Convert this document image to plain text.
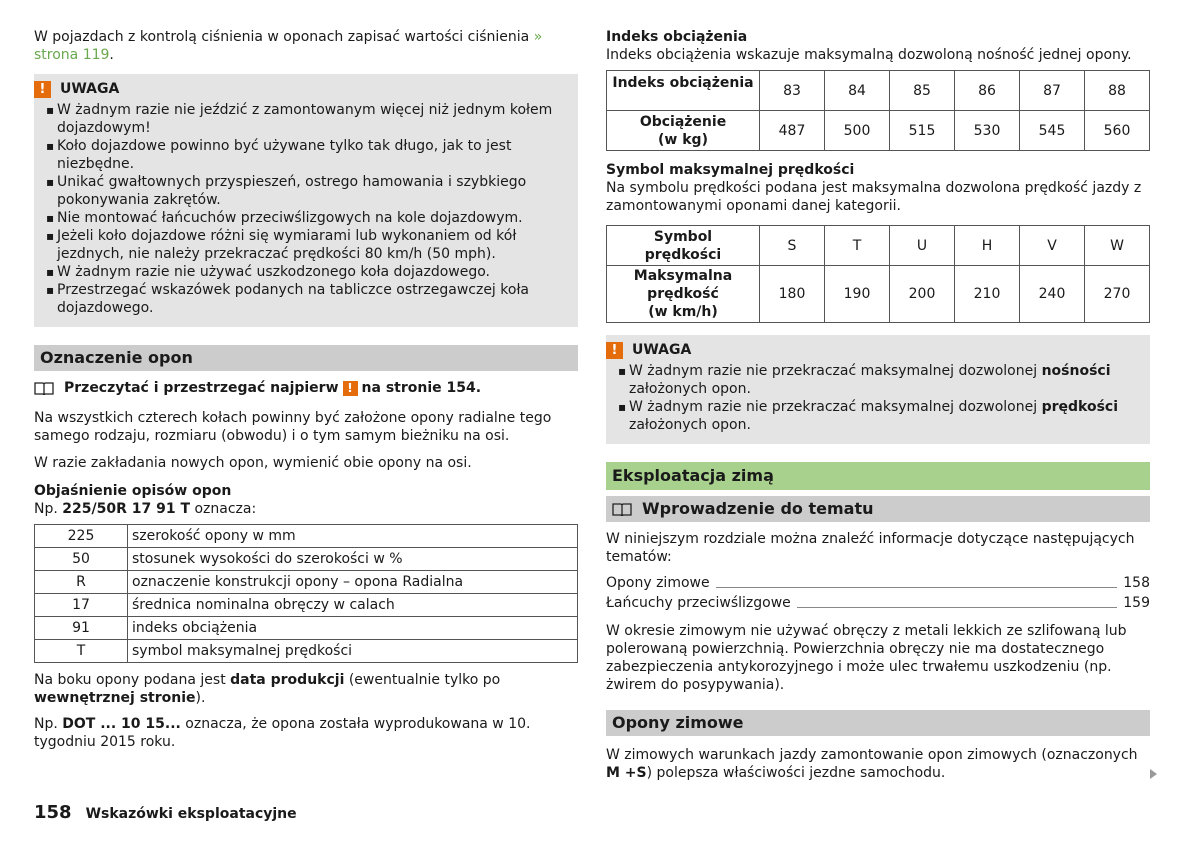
W pojazdach z kontrolą ciśnienia w oponach zapisać wartości ciśnienia » strona 119.

!	UWAGA
▪ W żadnym razie nie jeździć z zamontowanym więcej niż jednym kołem dojazdowym!
▪ Koło dojazdowe powinno być używane tylko tak długo, jak to jest niezbędne.
▪ Unikać gwałtownych przyspieszeń, ostrego hamowania i szybkiego pokonywania zakrętów.
▪ Nie montować łańcuchów przeciwślizgowych na kole dojazdowym.
▪ Jeżeli koło dojazdowe różni się wymiarami lub wykonaniem od kół jezdnych, nie należy przekraczać prędkości 80 km/h (50 mph).
▪ W żadnym razie nie używać uszkodzonego koła dojazdowego.
▪ Przestrzegać wskazówek podanych na tabliczce ostrzegawczej koła dojazdowego.
Oznaczenie opon
Przeczytać i przestrzegać najpierw ! na stronie 154.

Na wszystkich czterech kołach powinny być założone opony radialne tego samego rodzaju, rozmiaru (obwodu) i o tym samym bieżniku na osi.

W razie zakładania nowych opon, wymienić obie opony na osi.

Objaśnienie opisów opon

Np. 225/50R 17 91 T oznacza:

225	szerokość opony w mm
50	stosunek wysokości do szerokości w %
R	oznaczenie konstrukcji opony – opona Radialna
17	średnica nominalna obręczy w calach
91	indeks obciążenia
T	symbol maksymalnej prędkości

Na boku opony podana jest data produkcji (ewentualnie tylko po wewnętrznej stronie).

Np. DOT ... 10 15... oznacza, że opona została wyprodukowana w 10. tygodniu 2015 roku.

Indeks obciążenia

Indeks obciążenia wskazuje maksymalną dozwoloną nośność jednej opony.

Indeks obciążenia	83	84	85	86	87	88

Obciążenie
(w kg)	487	500	515	530	545	560

Symbol maksymalnej prędkości

Na symbolu prędkości podana jest maksymalna dozwolona prędkość jazdy z zamontowanymi oponami danej kategorii.

Symbol
prędkości	S	T	U	H	V	W

Maksymalna
prędkość
(w km/h)	180	190	200	210	240	270
!	UWAGA
▪ W żadnym razie nie przekraczać maksymalnej dozwolonej nośności założonych opon.
▪ W żadnym razie nie przekraczać maksymalnej dozwolonej prędkości założonych opon.
Eksploatacja zimą
Wprowadzenie do tematu

W niniejszym rozdziale można znaleźć informacje dotyczące następujących tematów:

Opony zimowe	158
Łańcuchy przeciwślizgowe	159

W okresie zimowym nie używać obręczy z metali lekkich ze szlifowaną lub polerowaną powierzchnią. Powierzchnia obręczy nie ma dostatecznego zabezpieczenia antykorozyjnego i może ulec trwałemu uszkodzeniu (np. żwirem do posypywania).

Opony zimowe

W zimowych warunkach jazdy zamontowanie opon zimowych (oznaczonych M +S) polepsza właściwości jezdne samochodu.

158 Wskazówki eksploatacyjne
